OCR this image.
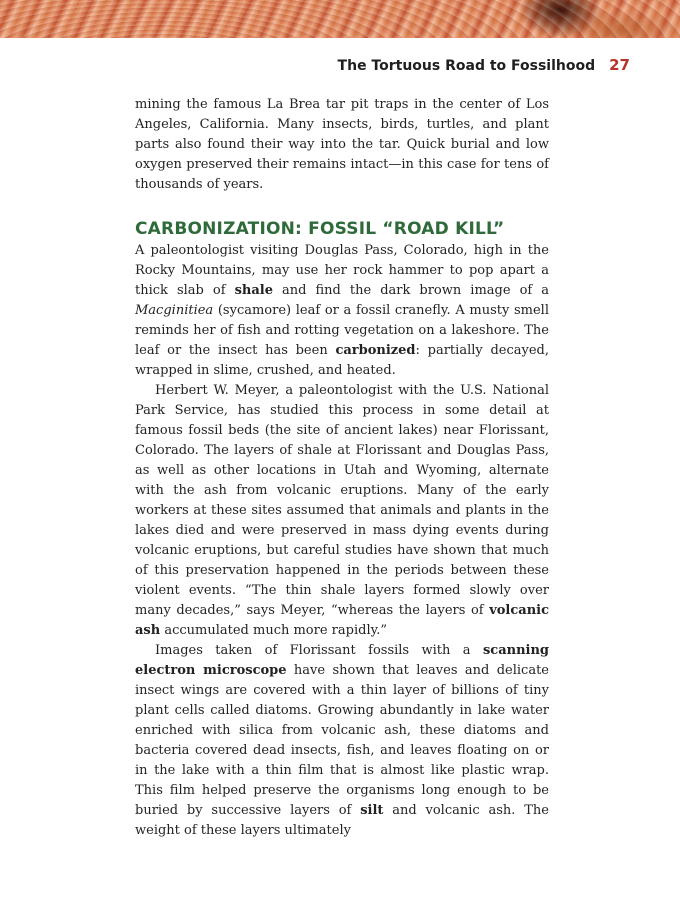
The Tortuous Road to Fossilhood 27

mining the famous La Brea tar pit traps in the center of Los Angeles, California. Many insects, birds, turtles, and plant parts also found their way into the tar. Quick burial and low oxygen preserved their remains intact—in this case for tens of thousands of years.

CARBONIZATION: FOSSIL “ROAD KILL”

A paleontologist visiting Douglas Pass, Colorado, high in the Rocky Mountains, may use her rock hammer to pop apart a thick slab of shale and find the dark brown image of a Macginitiea (sycamore) leaf or a fossil cranefly. A musty smell reminds her of fish and rotting vegetation on a lakeshore. The leaf or the insect has been carbonized: partially decayed, wrapped in slime, crushed, and heated.

Herbert W. Meyer, a paleontologist with the U.S. National Park Service, has studied this process in some detail at famous fossil beds (the site of ancient lakes) near Florissant, Colorado. The layers of shale at Florissant and Douglas Pass, as well as other locations in Utah and Wyoming, alternate with the ash from volcanic eruptions. Many of the early workers at these sites assumed that animals and plants in the lakes died and were preserved in mass dying events during volcanic eruptions, but careful studies have shown that much of this preservation happened in the periods between these violent events. “The thin shale layers formed slowly over many decades,” says Meyer, “whereas the layers of volcanic ash accumulated much more rapidly.”

Images taken of Florissant fossils with a scanning electron microscope have shown that leaves and delicate insect wings are covered with a thin layer of billions of tiny plant cells called diatoms. Growing abundantly in lake water enriched with silica from volcanic ash, these diatoms and bacteria covered dead insects, fish, and leaves floating on or in the lake with a thin film that is almost like plastic wrap. This film helped preserve the organisms long enough to be buried by successive layers of silt and volcanic ash. The weight of these layers ultimately
